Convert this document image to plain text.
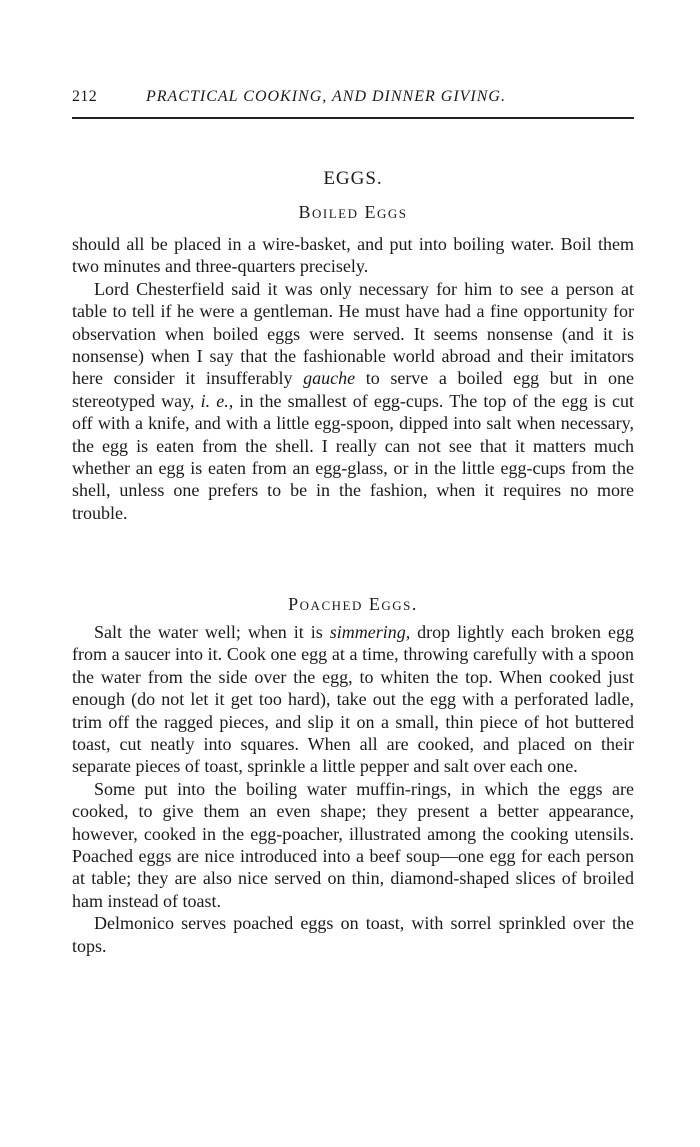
212	PRACTICAL COOKING, AND DINNER GIVING.
EGGS.
Boiled Eggs

should all be placed in a wire-basket, and put into boiling water. Boil them two minutes and three-quarters precisely.

Lord Chesterfield said it was only necessary for him to see a person at table to tell if he were a gentleman. He must have had a fine opportunity for observation when boiled eggs were served. It seems nonsense (and it is nonsense) when I say that the fashionable world abroad and their imitators here consider it insufferably gauche to serve a boiled egg but in one stereotyped way, i. e., in the smallest of egg-cups. The top of the egg is cut off with a knife, and with a little egg-spoon, dipped into salt when necessary, the egg is eaten from the shell. I really can not see that it matters much whether an egg is eaten from an egg-glass, or in the little egg-cups from the shell, unless one prefers to be in the fashion, when it requires no more trouble.

Poached Eggs.

Salt the water well; when it is simmering, drop lightly each broken egg from a saucer into it. Cook one egg at a time, throwing carefully with a spoon the water from the side over the egg, to whiten the top. When cooked just enough (do not let it get too hard), take out the egg with a perforated ladle, trim off the ragged pieces, and slip it on a small, thin piece of hot buttered toast, cut neatly into squares. When all are cooked, and placed on their separate pieces of toast, sprinkle a little pepper and salt over each one.

Some put into the boiling water muffin-rings, in which the eggs are cooked, to give them an even shape; they present a better appearance, however, cooked in the egg-poacher, illustrated among the cooking utensils. Poached eggs are nice introduced into a beef soup—one egg for each person at table; they are also nice served on thin, diamond-shaped slices of broiled ham instead of toast.

Delmonico serves poached eggs on toast, with sorrel sprinkled over the tops.
